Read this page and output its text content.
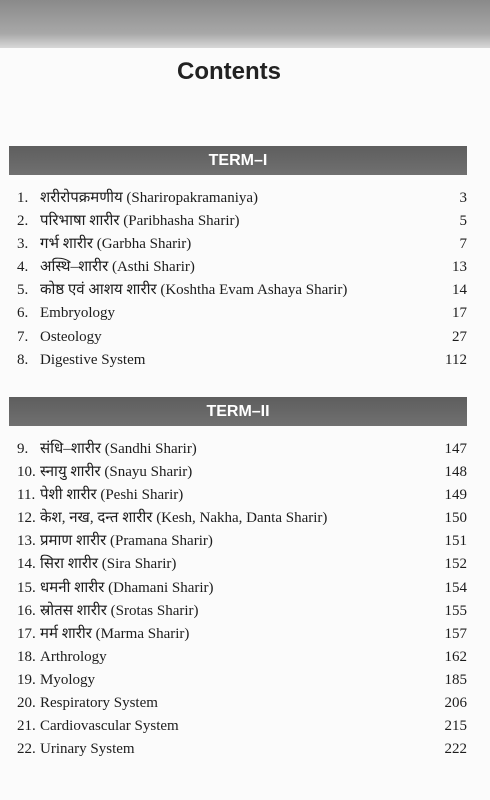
Contents
TERM–I
1. शरीरोपक्रमणीय (Shariropakramaniya)	3
2. परिभाषा शारीर (Paribhasha Sharir)	5
3. गर्भ शारीर (Garbha Sharir)	7
4. अस्थि–शारीर (Asthi Sharir)	13
5. कोष्ठ एवं आशय शारीर (Koshtha Evam Ashaya Sharir)	14
6. Embryology	17
7. Osteology	27
8. Digestive System	112
TERM–II
9. संधि–शारीर (Sandhi Sharir)	147
10. स्नायु शारीर (Snayu Sharir)	148
11. पेशी शारीर (Peshi Sharir)	149
12. केश, नख, दन्त शारीर (Kesh, Nakha, Danta Sharir)	150
13. प्रमाण शारीर (Pramana Sharir)	151
14. सिरा शारीर (Sira Sharir)	152
15. धमनी शारीर (Dhamani Sharir)	154
16. स्रोतस शारीर (Srotas Sharir)	155
17. मर्म शारीर (Marma Sharir)	157
18. Arthrology	162
19. Myology	185
20. Respiratory System	206
21. Cardiovascular System	215
22. Urinary System	222
